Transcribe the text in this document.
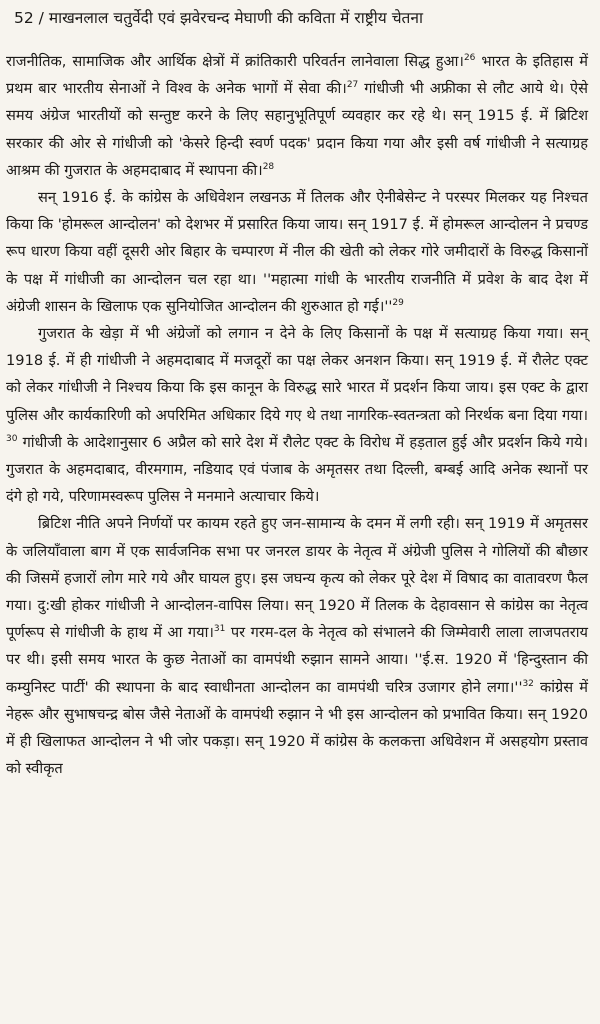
52 / माखनलाल चतुर्वेदी एवं झवेरचन्द मेघाणी की कविता में राष्ट्रीय चेतना

राजनीतिक, सामाजिक और आर्थिक क्षेत्रों में क्रांतिकारी परिवर्तन लानेवाला सिद्ध हुआ।$^{26}$ भारत के इतिहास में प्रथम बार भारतीय सेनाओं ने विश्व के अनेक भागों में सेवा की।$^{27}$ गांधीजी भी अफ्रीका से लौट आये थे। ऐसे समय अंग्रेज भारतीयों को सन्तुष्ट करने के लिए सहानुभूतिपूर्ण व्यवहार कर रहे थे। सन् 1915 ई. में ब्रिटिश सरकार की ओर से गांधीजी को 'केसरे हिन्दी स्वर्ण पदक' प्रदान किया गया और इसी वर्ष गांधीजी ने सत्याग्रह आश्रम की गुजरात के अहमदाबाद में स्थापना की।$^{28}$

सन् 1916 ई. के कांग्रेस के अधिवेशन लखनऊ में तिलक और ऐनीबेसेन्ट ने परस्पर मिलकर यह निश्चत किया कि 'होमरूल आन्दोलन' को देशभर में प्रसारित किया जाय। सन् 1917 ई. में होमरूल आन्दोलन ने प्रचण्ड रूप धारण किया वहीं दूसरी ओर बिहार के चम्पारण में नील की खेती को लेकर गोरे जमीदारों के विरुद्ध किसानों के पक्ष में गांधीजी का आन्दोलन चल रहा था। ''महात्मा गांधी के भारतीय राजनीति में प्रवेश के बाद देश में अंग्रेजी शासन के खिलाफ एक सुनियोजित आन्दोलन की शुरुआत हो $गई।''^{29}$

गुजरात के खेड़ा में भी अंग्रेजों को लगान न देने के लिए किसानों के पक्ष में सत्याग्रह किया गया। सन् 1918 ई. में ही गांधीजी ने अहमदाबाद में मजदूरों का पक्ष लेकर अनशन किया। सन् 1919 ई. में रौलेट एक्ट को लेकर गांधीजी ने निश्चय किया कि इस कानून के विरुद्ध सारे भारत में प्रदर्शन किया जाय। इस एक्ट के द्वारा पुलिस और कार्यकारिणी को अपरिमित अधिकार दिये गए थे तथा नागरिक-स्वतन्त्रता को निरर्थक बना दिया गया।$^{30}$ गांधीजी के आदेशानुसार 6 अप्रैल को सारे देश में रौलेट एक्ट के विरोध में हड़ताल हुई और प्रदर्शन किये गये। गुजरात के अहमदाबाद, वीरमगाम, नडियाद एवं पंजाब के अमृतसर तथा दिल्ली, बम्बई आदि अनेक स्थानों पर दंगे हो गये, परिणामस्वरूप पुलिस ने मनमाने अत्याचार किये।

ब्रिटिश नीति अपने निर्णयों पर कायम रहते हुए जन-सामान्य के दमन में लगी रही। सन् 1919 में अमृतसर के जलियाँवाला बाग में एक सार्वजनिक सभा पर जनरल डायर के नेतृत्व में अंग्रेजी पुलिस ने गोलियों की बौछार की जिसमें हजारों लोग मारे गये और घायल हुए। इस जघन्य कृत्य को लेकर पूरे देश में विषाद का वातावरण फैल गया। दु:खी होकर गांधीजी ने आन्दोलन-वापिस लिया। सन् 1920 में तिलक के देहावसान से कांग्रेस का नेतृत्व पूर्णरूप से गांधीजी के हाथ में आ गया।$^{31}$ पर गरम-दल के नेतृत्व को संभालने की जिम्मेवारी लाला लाजपतराय पर थी। इसी समय भारत के कुछ नेताओं का वामपंथी रुझान सामने आया। ''ई.स. 1920 में 'हिन्दुस्तान की कम्युनिस्ट पार्टी' की स्थापना के बाद स्वाधीनता आन्दोलन का वामपंथी चरित्र उजागर होने $लगा।''^{32}$ कांग्रेस में नेहरू और सुभाषचन्द्र बोस जैसे नेताओं के वामपंथी रुझान ने भी इस आन्दोलन को प्रभावित किया। सन् 1920 में ही खिलाफत आन्दोलन ने भी जोर पकड़ा। सन् 1920 में कांग्रेस के कलकत्ता अधिवेशन में असहयोग प्रस्ताव को स्वीकृत
